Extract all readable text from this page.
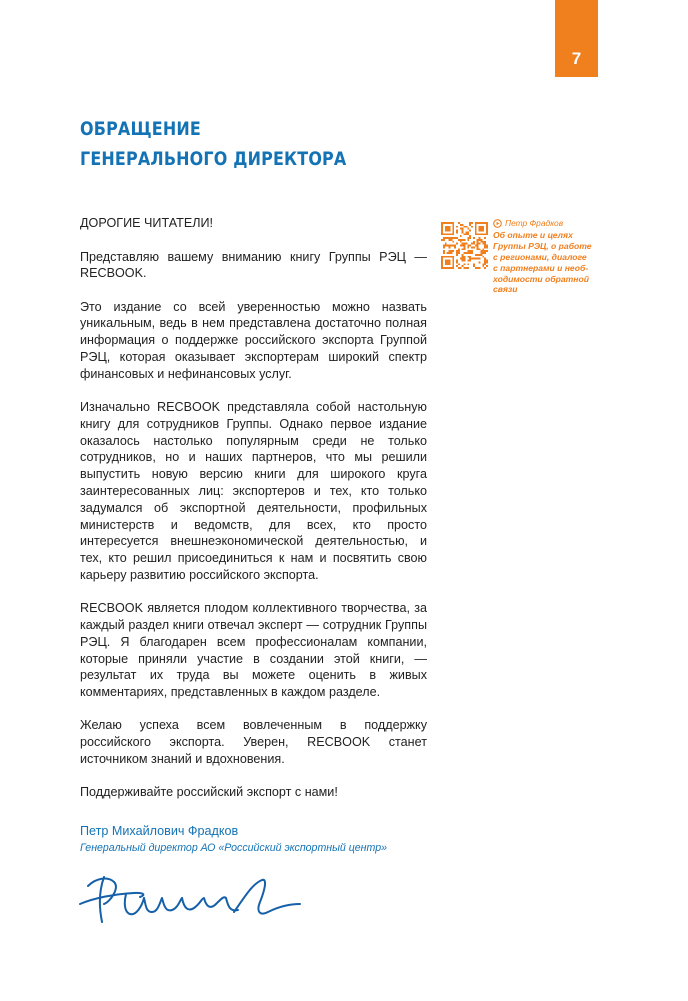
7
ОБРАЩЕНИЕ
ГЕНЕРАЛЬНОГО ДИРЕКТОРА

ДОРОГИЕ ЧИТАТЕЛИ!

Представляю вашему вниманию книгу Группы РЭЦ — RECBOOK.

Это издание со всей уверенностью можно назвать уникальным, ведь в нем представлена достаточно полная информация о поддержке российского экспорта Группой РЭЦ, которая оказывает экспортерам широкий спектр финансовых и нефинансовых услуг.

Изначально RECBOOK представляла собой настольную книгу для сотрудников Группы. Однако первое издание оказалось настолько популярным среди не только сотрудников, но и наших партнеров, что мы решили выпустить новую версию книги для широкого круга заинтересованных лиц: экспортеров и тех, кто только задумался об экспортной деятельности, профильных министерств и ведомств, для всех, кто просто интересуется внешнеэкономической деятельностью, и тех, кто решил присоединиться к нам и посвятить свою карьеру развитию российского экспорта.

RECBOOK является плодом коллективного творчества, за каждый раздел книги отвечал эксперт — сотрудник Группы РЭЦ. Я благодарен всем профессионалам компании, которые приняли участие в создании этой книги, — результат их труда вы можете оценить в живых комментариях, представленных в каждом разделе.

Желаю успеха всем вовлеченным в поддержку российского экспорта. Уверен, RECBOOK станет источником знаний и вдохновения.

Поддерживайте российский экспорт с нами!

Петр Фрадков
Об опыте и целях
Группы РЭЦ, о работе
с регионами, диалоге
с партнерами и необ-
ходимости обратной
связи

Петр Михайлович Фрадков

Генеральный директор АО «Российский экспортный центр»
